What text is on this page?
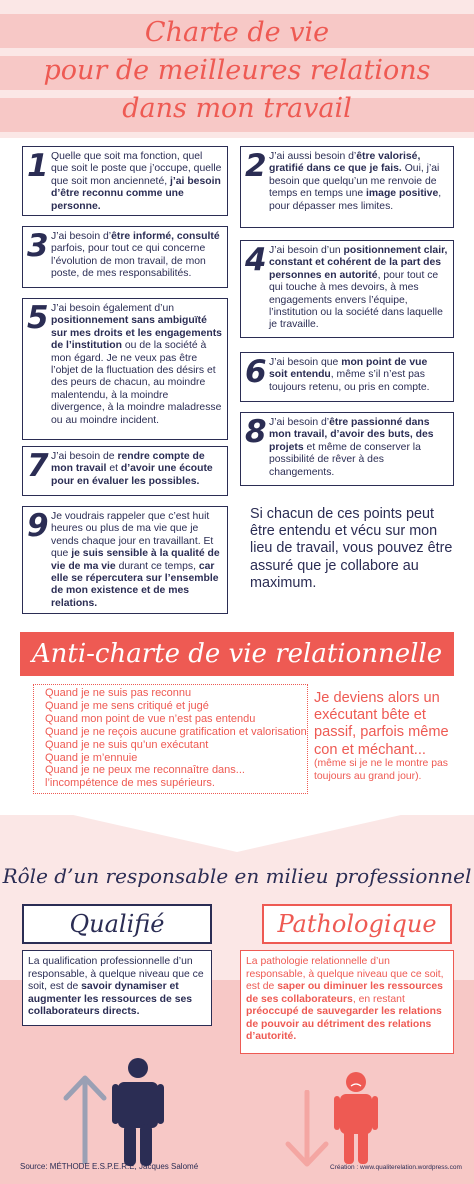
Charte de vie
pour de meilleures relations
dans mon travail
1 Quelle que soit ma fonction, quel que soit le poste que j’occupe, quelle que soit mon ancienneté, j’ai besoin d’être reconnu comme une personne.
2 J’ai aussi besoin d’être valorisé, gratifié dans ce que je fais. Oui, j’ai besoin que quelqu’un me renvoie de temps en temps une image positive, pour dépasser mes limites.
3 J’ai besoin d’être informé, consulté parfois, pour tout ce qui concerne l’évolution de mon travail, de mon poste, de mes responsabilités.	4 J’ai besoin d’un positionnement clair, constant et cohérent de la part des personnes en autorité, pour tout ce qui touche à mes devoirs, à mes engagements envers l’équipe, l’institution ou la société dans laquelle je travaille.
5 J’ai besoin également d’un positionnement sans ambiguïté sur mes droits et les engagements de l’institution ou de la société à mon égard. Je ne veux pas être l’objet de la fluctuation des désirs et des peurs de chacun, au moindre malentendu, à la moindre divergence, à la moindre maladresse ou au moindre incident.
6 J’ai besoin que mon point de vue soit entendu, même s’il n’est pas toujours retenu, ou pris en compte.
8 J’ai besoin d’être passionné dans mon travail, d’avoir des buts, des projets et même de conserver la possibilité de rêver à des changements.
7 J’ai besoin de rendre compte de mon travail et d’avoir une écoute pour en évaluer les possibles.
9 Je voudrais rappeler que c’est huit heures ou plus de ma vie que je vends chaque jour en travaillant. Et que je suis sensible à la qualité de vie de ma vie durant ce temps, car elle se répercutera sur l’ensemble de mon existence et de mes relations.
Si chacun de ces points peut être entendu et vécu sur mon lieu de travail, vous pouvez être assuré que je collabore au maximum.
Anti-charte de vie relationnelle
Quand je ne suis pas reconnu
Quand je me sens critiqué et jugé
Quand mon point de vue n’est pas entendu
Quand je ne reçois aucune gratification et valorisation
Quand je ne suis qu’un exécutant
Quand je m’ennuie
Quand je ne peux me reconnaître dans...
l’incompétence de mes supérieurs.
Je deviens alors un exécutant bête et passif, parfois même con et méchant...
(même si je ne le montre pas toujours au grand jour).
Rôle d’un responsable en milieu professionnel
Qualifié	Pathologique
La qualification professionnelle d’un responsable, à quelque niveau que ce soit, est de savoir dynamiser et augmenter les ressources de ses collaborateurs directs.
La pathologie relationnelle d’un responsable, à quelque niveau que ce soit, est de saper ou diminuer les ressources de ses collaborateurs, en restant préoccupé de sauvegarder les relations de pouvoir au détriment des relations d’autorité.
Source: MÉTHODE E.S.P.E.R.E, Jacques Salomé	Création : www.qualiterelation.wordpress.com
